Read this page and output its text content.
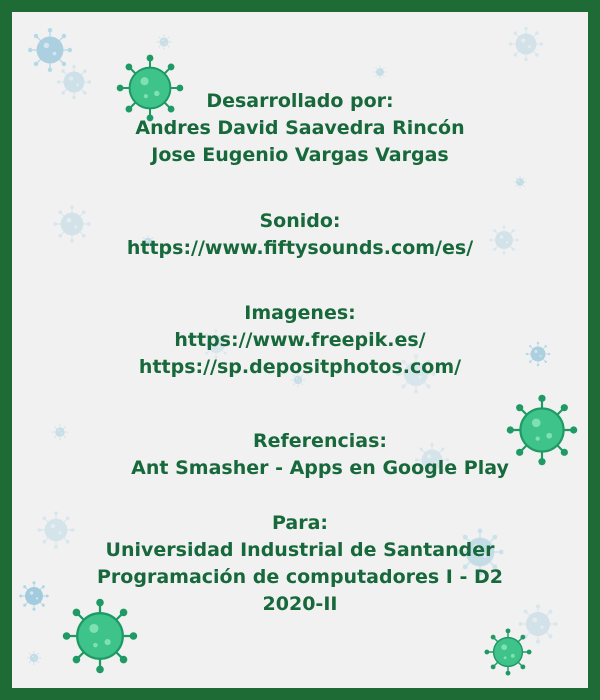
Desarrollado por:
Andres David Saavedra Rincón
Jose Eugenio Vargas Vargas
Sonido:
https://www.fiftysounds.com/es/
Imagenes:
https://www.freepik.es/
https://sp.depositphotos.com/
Referencias:
Ant Smasher - Apps en Google Play
Para:
Universidad Industrial de Santander
Programación de computadores I - D2
2020-II
